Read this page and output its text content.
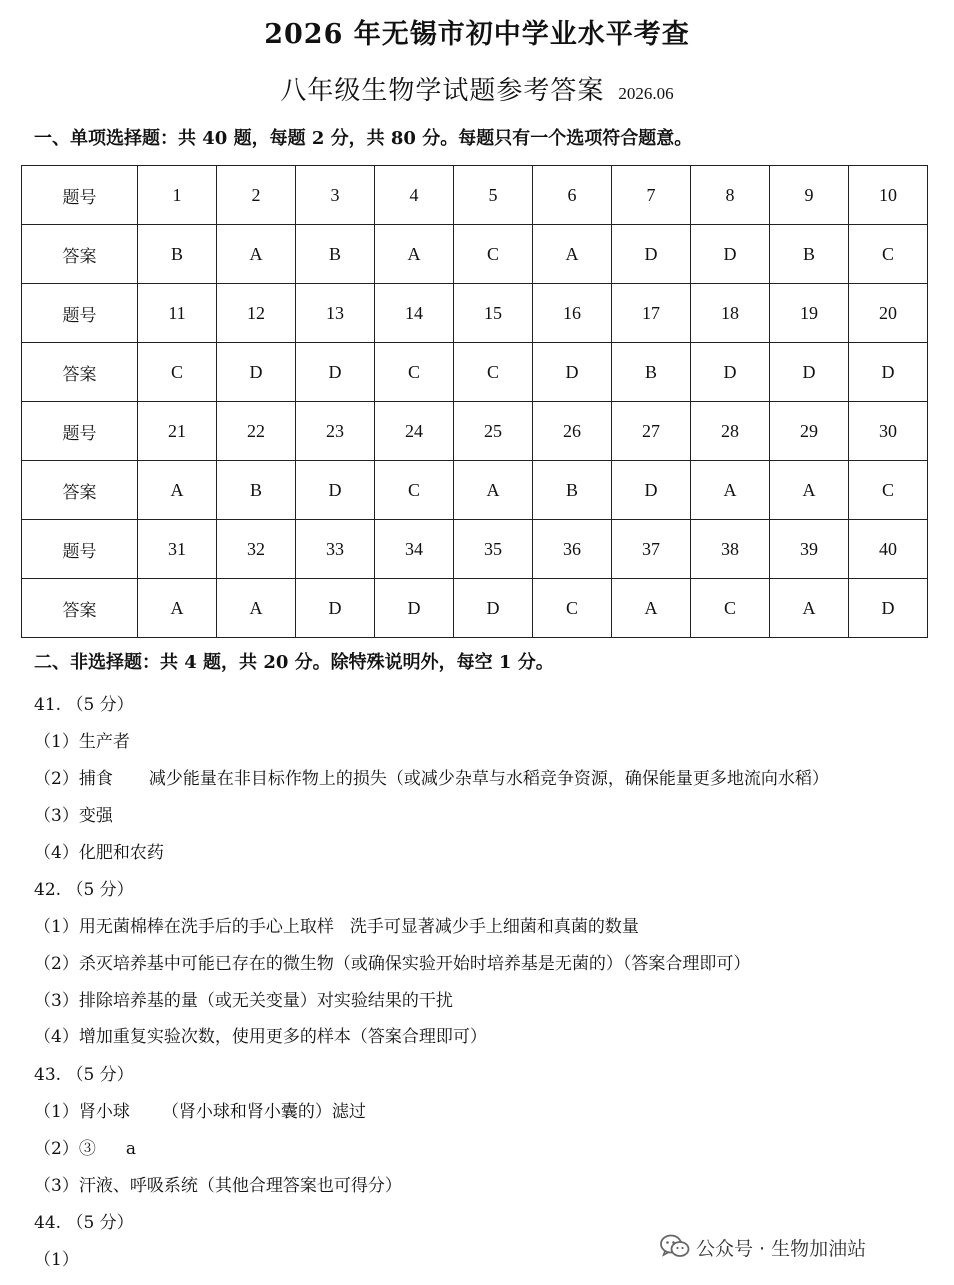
2026 年无锡市初中学业水平考查
八年级生物学试题参考答案 2026.06
一、单项选择题：共 40 题，每题 2 分，共 80 分。每题只有一个选项符合题意。
题号	1	2	3	4	5	6	7	8	9	10
答案	B	A	B	A	C	A	D	D	B	C
题号	11	12	13	14	15	16	17	18	19	20
答案	C	D	D	C	C	D	B	D	D	D
题号	21	22	23	24	25	26	27	28	29	30
答案	A	B	D	C	A	B	D	A	A	C
题号	31	32	33	34	35	36	37	38	39	40
答案	A	A	D	D	D	C	A	C	A	D
二、非选择题：共 4 题，共 20 分。除特殊说明外，每空 1 分。
41. （5 分）
（1）生产者
（2）捕食 减少能量在非目标作物上的损失（或减少杂草与水稻竞争资源，确保能量更多地流向水稻）
（3）变强
（4）化肥和农药
42. （5 分）
（1）用无菌棉棒在洗手后的手心上取样 洗手可显著减少手上细菌和真菌的数量
（2）杀灭培养基中可能已存在的微生物（或确保实验开始时培养基是无菌的）（答案合理即可）
（3）排除培养基的量（或无关变量）对实验结果的干扰
（4）增加重复实验次数，使用更多的样本（答案合理即可）
43. （5 分）
（1）肾小球 （肾小球和肾小囊的）滤过
（2）③ a
（3）汗液、呼吸系统（其他合理答案也可得分）
44. （5 分）
（1）
公众号 · 生物加油站
